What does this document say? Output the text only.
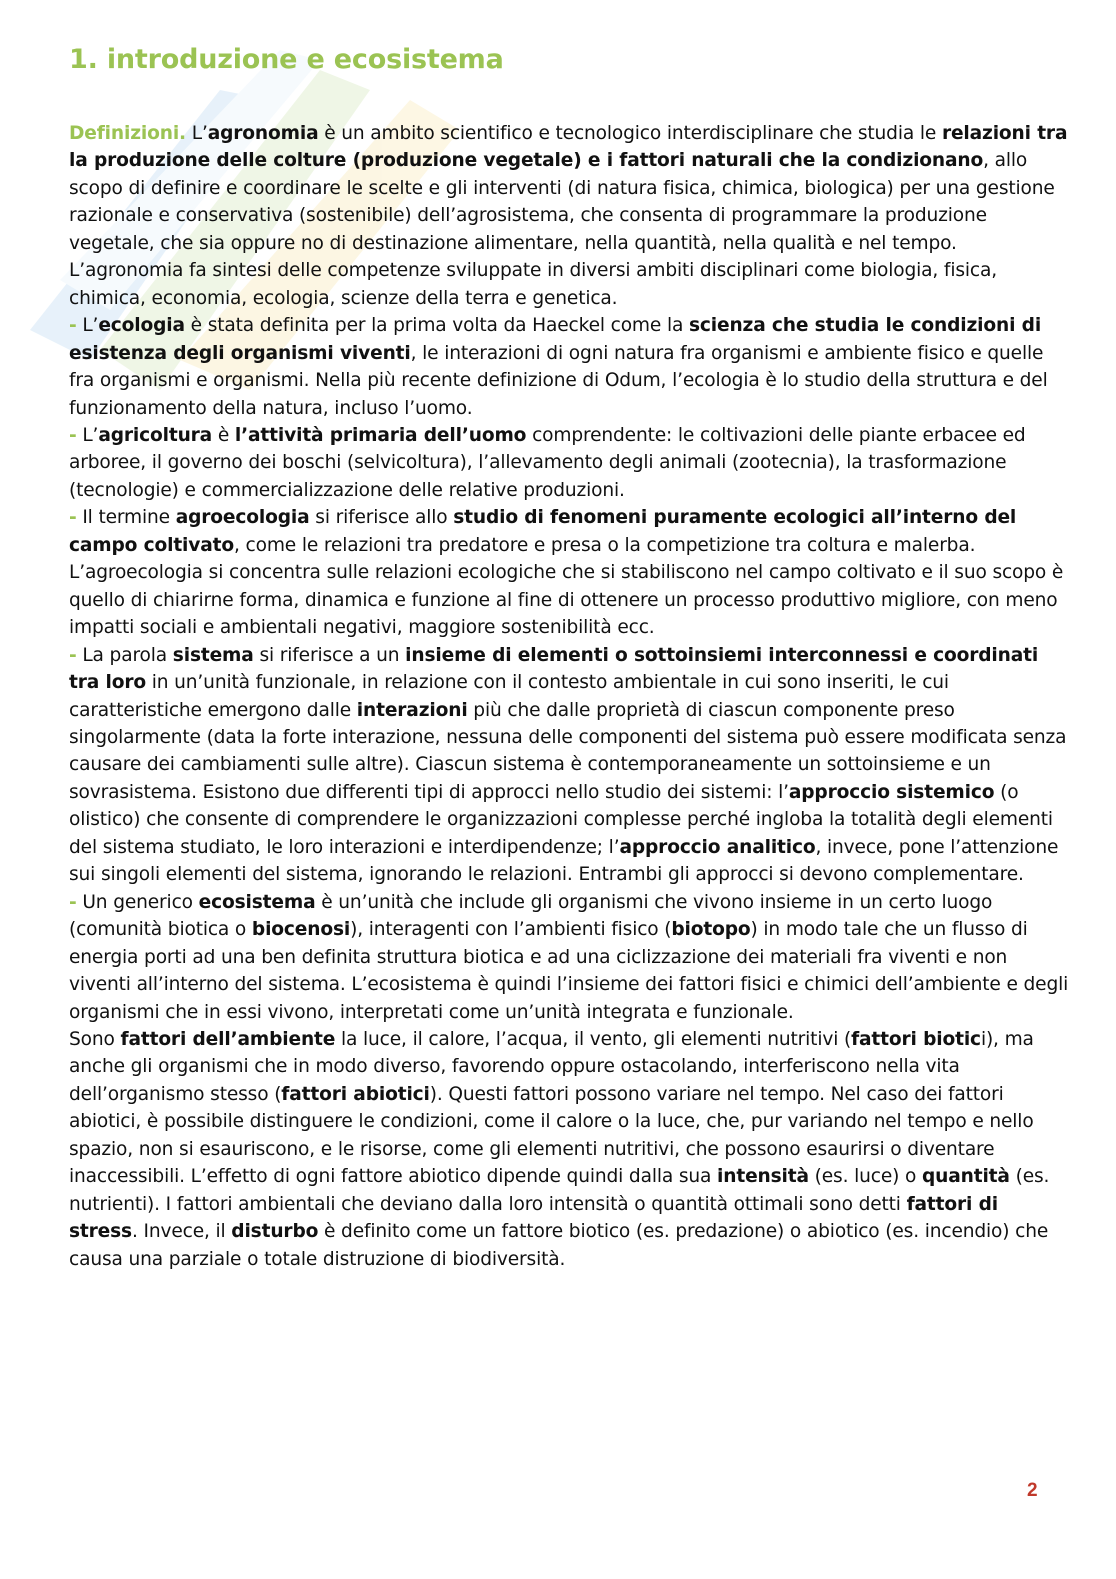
1. introduzione e ecosistema
Definizioni. L’agronomia è un ambito scientifico e tecnologico interdisciplinare che studia le relazioni tra la produzione delle colture (produzione vegetale) e i fattori naturali che la condizionano, allo scopo di definire e coordinare le scelte e gli interventi (di natura fisica, chimica, biologica) per una gestione razionale e conservativa (sostenibile) dell’agrosistema, che consenta di programmare la produzione vegetale, che sia oppure no di destinazione alimentare, nella quantità, nella qualità e nel tempo. L’agronomia fa sintesi delle competenze sviluppate in diversi ambiti disciplinari come biologia, fisica, chimica, economia, ecologia, scienze della terra e genetica.
- L’ecologia è stata definita per la prima volta da Haeckel come la scienza che studia le condizioni di esistenza degli organismi viventi, le interazioni di ogni natura fra organismi e ambiente fisico e quelle fra organismi e organismi. Nella più recente definizione di Odum, l’ecologia è lo studio della struttura e del funzionamento della natura, incluso l’uomo.
- L’agricoltura è l’attività primaria dell’uomo comprendente: le coltivazioni delle piante erbacee ed arboree, il governo dei boschi (selvicoltura), l’allevamento degli animali (zootecnia), la trasformazione (tecnologie) e commercializzazione delle relative produzioni.
- Il termine agroecologia si riferisce allo studio di fenomeni puramente ecologici all’interno del campo coltivato, come le relazioni tra predatore e presa o la competizione tra coltura e malerba. L’agroecologia si concentra sulle relazioni ecologiche che si stabiliscono nel campo coltivato e il suo scopo è quello di chiarirne forma, dinamica e funzione al fine di ottenere un processo produttivo migliore, con meno impatti sociali e ambientali negativi, maggiore sostenibilità ecc.
- La parola sistema si riferisce a un insieme di elementi o sottoinsiemi interconnessi e coordinati tra loro in un’unità funzionale, in relazione con il contesto ambientale in cui sono inseriti, le cui caratteristiche emergono dalle interazioni più che dalle proprietà di ciascun componente preso singolarmente (data la forte interazione, nessuna delle componenti del sistema può essere modificata senza causare dei cambiamenti sulle altre). Ciascun sistema è contemporaneamente un sottoinsieme e un sovrasistema. Esistono due differenti tipi di approcci nello studio dei sistemi: l’approccio sistemico (o olistico) che consente di comprendere le organizzazioni complesse perché ingloba la totalità degli elementi del sistema studiato, le loro interazioni e interdipendenze; l’approccio analitico, invece, pone l’attenzione sui singoli elementi del sistema, ignorando le relazioni. Entrambi gli approcci si devono complementare.
- Un generico ecosistema è un’unità che include gli organismi che vivono insieme in un certo luogo (comunità biotica o biocenosi), interagenti con l’ambienti fisico (biotopo) in modo tale che un flusso di energia porti ad una ben definita struttura biotica e ad una ciclizzazione dei materiali fra viventi e non viventi all’interno del sistema. L’ecosistema è quindi l’insieme dei fattori fisici e chimici dell’ambiente e degli organismi che in essi vivono, interpretati come un’unità integrata e funzionale.
Sono fattori dell’ambiente la luce, il calore, l’acqua, il vento, gli elementi nutritivi (fattori biotici), ma anche gli organismi che in modo diverso, favorendo oppure ostacolando, interferiscono nella vita dell’organismo stesso (fattori abiotici). Questi fattori possono variare nel tempo. Nel caso dei fattori abiotici, è possibile distinguere le condizioni, come il calore o la luce, che, pur variando nel tempo e nello spazio, non si esauriscono, e le risorse, come gli elementi nutritivi, che possono esaurirsi o diventare inaccessibili. L’effetto di ogni fattore abiotico dipende quindi dalla sua intensità (es. luce) o quantità (es. nutrienti). I fattori ambientali che deviano dalla loro intensità o quantità ottimali sono detti fattori di stress. Invece, il disturbo è definito come un fattore biotico (es. predazione) o abiotico (es. incendio) che causa una parziale o totale distruzione di biodiversità.
2
